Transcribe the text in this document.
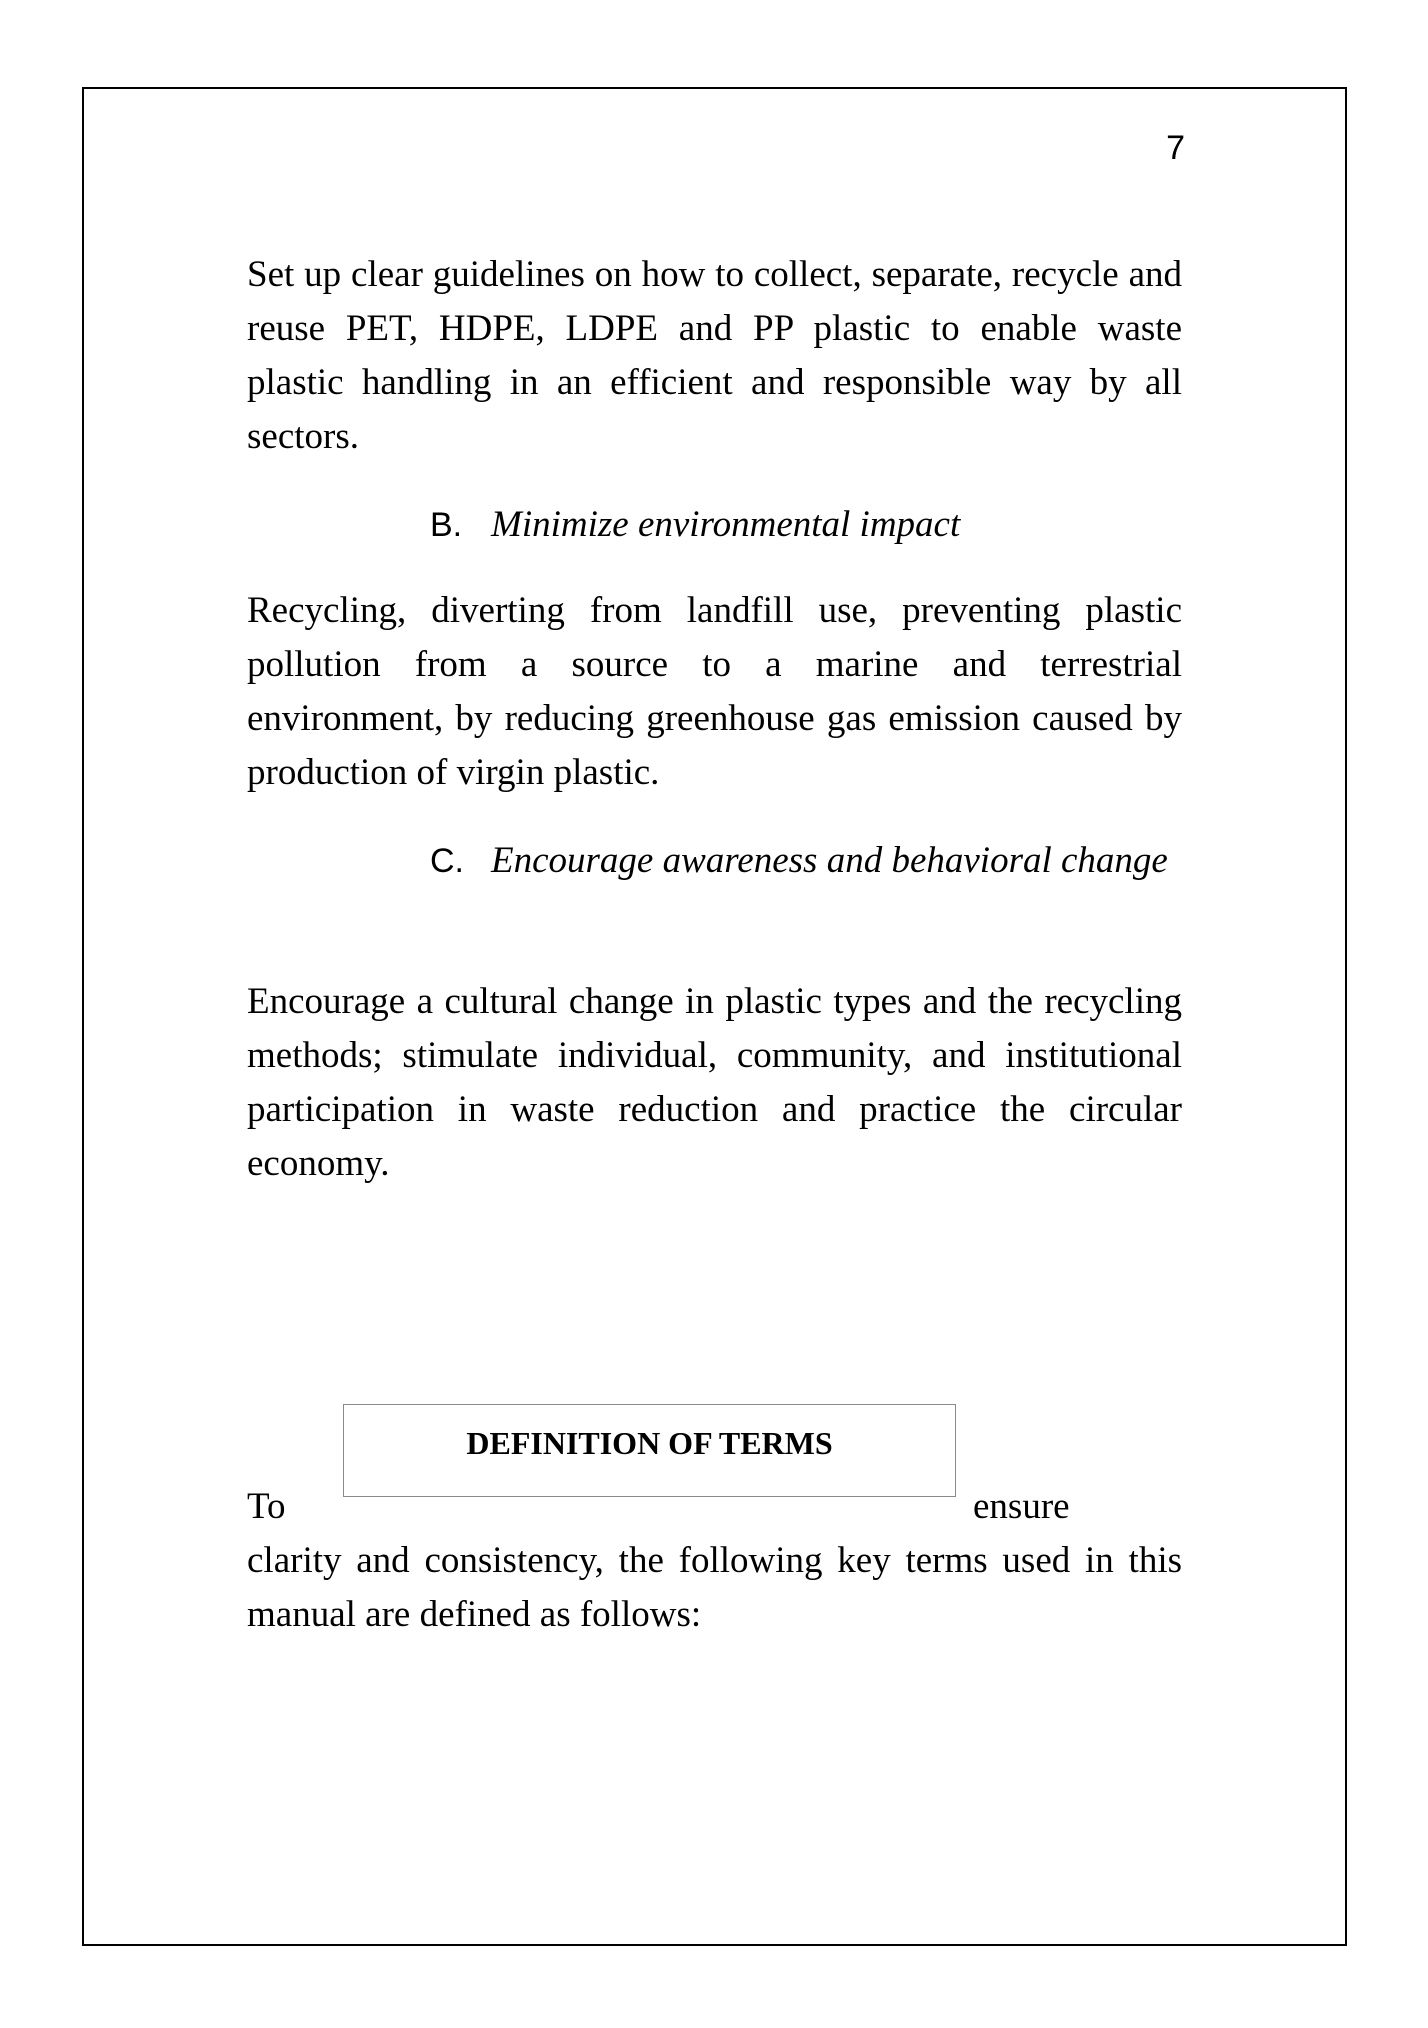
7

Set up clear guidelines on how to collect, separate, recycle and reuse PET, HDPE, LDPE and PP plastic to enable waste plastic handling in an efficient and responsible way by all sectors.

B. Minimize environmental impact

Recycling, diverting from landfill use, preventing plastic pollution from a source to a marine and terrestrial environment, by reducing greenhouse gas emission caused by production of virgin plastic.

C. Encourage awareness and behavioral change

Encourage a cultural change in plastic types and the recycling methods; stimulate individual, community, and institutional participation in waste reduction and practice the circular economy.

DEFINITION OF TERMS
To	ensure

clarity and consistency, the following key terms used in this manual are defined as follows:
